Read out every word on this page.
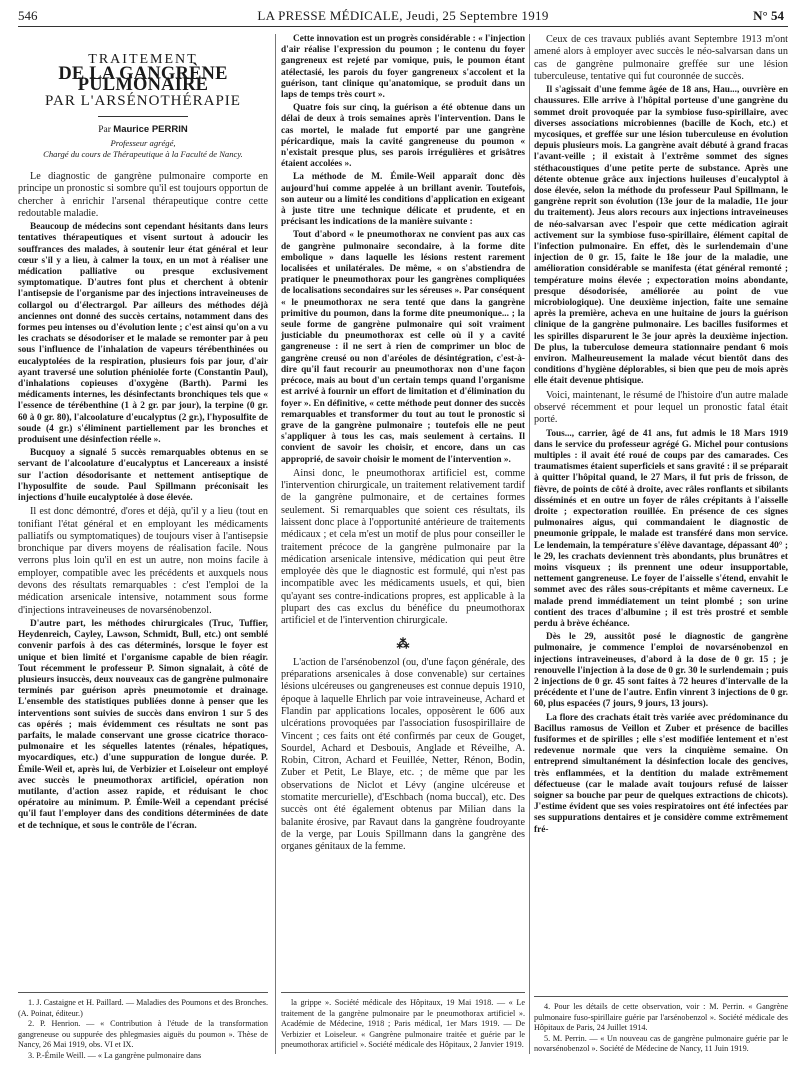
546	LA PRESSE MÉDICALE, Jeudi, 25 Septembre 1919	N° 54
TRAITEMENT
DE LA GANGRÈNE PULMONAIRE
PAR L'ARSÉNOTHÉRAPIE
Par Maurice PERRIN
Professeur agrégé,
Chargé du cours de Thérapeutique à la Faculté de Nancy.

Le diagnostic de gangrène pulmonaire comporte en principe un pronostic si sombre qu'il est toujours opportun de chercher à enrichir l'arsenal thérapeutique contre cette redoutable maladie.

Beaucoup de médecins sont cependant hésitants dans leurs tentatives thérapeutiques et visent surtout à adoucir les souffrances des malades, à soutenir leur état général et leur cœur s'il y a lieu, à calmer la toux, en un mot à réaliser une médication palliative ou presque exclusivement symptomatique. D'autres font plus et cherchent à obtenir l'antisepsie de l'organisme par des injections intraveineuses de collargol ou d'électrargol. Par ailleurs des méthodes déjà anciennes ont donné des succès certains, notamment dans des formes peu intenses ou d'évolution lente ; c'est ainsi qu'on a vu les crachats se désodoriser et le malade se remonter par à peu sous l'influence de l'inhalation de vapeurs térébenthinées ou eucalyptolées de la respiration, plusieurs fois par jour, d'air ayant traversé une solution phéniolée forte (Constantin Paul), d'inhalations copieuses d'oxygène (Barth). Parmi les médicaments internes, les désinfectants bronchiques tels que « l'essence de térébenthine (1 à 2 gr. par jour), la terpine (0 gr. 60 à 0 gr. 80), l'alcoolature d'eucalyptus (2 gr.), l'hyposulfite de soude (4 gr.) s'éliminent partiellement par les bronches et produisent une désinfection réelle ».

Bucquoy a signalé 5 succès remarquables obtenus en se servant de l'alcoolature d'eucalyptus et Lancereaux a insisté sur l'action désodorisante et nettement antiseptique de l'hyposulfite de soude. Paul Spillmann préconisait les injections d'huile eucalyptolée à dose élevée.

Il est donc démontré, d'ores et déjà, qu'il y a lieu (tout en tonifiant l'état général et en employant les médicaments palliatifs ou symptomatiques) de toujours viser à l'antisepsie bronchique par divers moyens de réalisation facile. Nous verrons plus loin qu'il en est un autre, non moins facile à employer, compatible avec les précédents et auxquels nous devons des résultats remarquables : c'est l'emploi de la médication arsenicale intensive, notamment sous forme d'injections intraveineuses de novarsénobenzol.

D'autre part, les méthodes chirurgicales (Truc, Tuffier, Heydenreich, Cayley, Lawson, Schmidt, Bull, etc.) ont semblé convenir parfois à des cas déterminés, lorsque le foyer est unique et bien limité et l'organisme capable de bien réagir. Tout récemment le professeur P. Simon signalait, à côté de plusieurs insuccès, deux nouveaux cas de gangrène pulmonaire terminés par guérison après pneumotomie et drainage. L'ensemble des statistiques publiées donne à penser que les interventions sont suivies de succès dans environ 1 sur 5 des cas opérés ; mais évidemment ces résultats ne sont pas parfaits, le malade conservant une grosse cicatrice thoraco-pulmonaire et les séquelles latentes (rénales, hépatiques, myocardiques, etc.) d'une suppuration de longue durée. P. Émile-Weil et, après lui, de Verbizier et Loiseleur ont employé avec succès le pneumothorax artificiel, opération non mutilante, d'action assez rapide, et réduisant le choc opératoire au minimum. P. Émile-Weil a cependant précisé qu'il faut l'employer dans des conditions déterminées de date et de technique, et sous le contrôle de l'écran.

Cette innovation est un progrès considérable : « l'injection d'air réalise l'expression du poumon ; le contenu du foyer gangreneux est rejeté par vomique, puis, le poumon étant atélectasié, les parois du foyer gangreneux s'accolent et la guérison, tant clinique qu'anatomique, se produit dans un laps de temps très court ».

Quatre fois sur cinq, la guérison a été obtenue dans un délai de deux à trois semaines après l'intervention. Dans le cas mortel, le malade fut emporté par une gangrène péricardique, mais la cavité gangreneuse du poumon « n'existait presque plus, ses parois irrégulières et grisâtres étaient accolées ».

La méthode de M. Émile-Weil apparaît donc dès aujourd'hui comme appelée à un brillant avenir. Toutefois, son auteur ou a limité les conditions d'application en exigeant à juste titre une technique délicate et prudente, et en précisant les indications de la manière suivante :

Tout d'abord « le pneumothorax ne convient pas aux cas de gangrène pulmonaire secondaire, à la forme dite embolique » dans laquelle les lésions restent rarement localisées et unilatérales. De même, « on s'abstiendra de pratiquer le pneumothorax pour les gangrènes compliquées de localisations secondaires sur les séreuses ». Par conséquent « le pneumothorax ne sera tenté que dans la gangrène primitive du poumon, dans la forme dite pneumonique... ; la seule forme de gangrène pulmonaire qui soit vraiment justiciable du pneumothorax est celle où il y a cavité gangreneuse : il ne sert à rien de comprimer un bloc de gangrène creusé ou non d'aréoles de désintégration, c'est-à-dire qu'il faut recourir au pneumothorax non d'une façon précoce, mais au bout d'un certain temps quand l'organisme est arrivé à fournir un effort de limitation et d'élimination du foyer ». En définitive, « cette méthode peut donner des succès remarquables et transformer du tout au tout le pronostic si grave de la gangrène pulmonaire ; toutefois elle ne peut s'appliquer à tous les cas, mais seulement à certains. Il convient de savoir les choisir, et encore, dans un cas approprié, de savoir choisir le moment de l'intervention ».

Ainsi donc, le pneumothorax artificiel est, comme l'intervention chirurgicale, un traitement relativement tardif de la gangrène pulmonaire, et de certaines formes seulement. Si remarquables que soient ces résultats, ils laissent donc place à l'opportunité antérieure de traitements médicaux ; et cela m'est un motif de plus pour conseiller le traitement précoce de la gangrène pulmonaire par la médication arsenicale intensive, médication qui peut être employée dès que le diagnostic est formulé, qui n'est pas incompatible avec les médicaments usuels, et qui, bien qu'ayant ses contre-indications propres, est applicable à la plupart des cas exclus du bénéfice du pneumothorax artificiel et de l'intervention chirurgicale.

⁂

L'action de l'arsénobenzol (ou, d'une façon générale, des préparations arsenicales à dose convenable) sur certaines lésions ulcéreuses ou gangreneuses est connue depuis 1910, époque à laquelle Ehrlich par voie intraveineuse, Achard et Flandin par applications locales, opposèrent le 606 aux ulcérations provoquées par l'association fusospirillaire de Vincent ; ces faits ont été confirmés par ceux de Gouget, Sourdel, Achard et Desbouis, Anglade et Réveilhe, A. Robin, Citron, Achard et Feuillée, Netter, Rénon, Bodin, Zuber et Petit, Le Blaye, etc. ; de même que par les observations de Niclot et Lévy (angine ulcéreuse et stomatite mercurielle), d'Eschbach (noma buccal), etc. Des succès ont été également obtenus par Milian dans la balanite érosive, par Ravaut dans la gangrène foudroyante de la verge, par Louis Spillmann dans la gangrène des organes génitaux de la femme.

Ceux de ces travaux publiés avant Septembre 1913 m'ont amené alors à employer avec succès le néo-salvarsan dans un cas de gangrène pulmonaire greffée sur une lésion tuberculeuse, tentative qui fut couronnée de succès.

Il s'agissait d'une femme âgée de 18 ans, Hau..., ouvrière en chaussures. Elle arrive à l'hôpital porteuse d'une gangrène du sommet droit provoquée par la symbiose fuso-spirillaire, avec diverses associations microbiennes (bacille de Koch, etc.) et mycosiques, et greffée sur une lésion tuberculeuse en évolution depuis plusieurs mois. La gangrène avait débuté à grand fracas l'avant-veille ; il existait à l'extrême sommet des signes stéthacoustiques d'une petite perte de substance. Après une détente obtenue grâce aux injections huileuses d'eucalyptol à dose élevée, selon la méthode du professeur Paul Spillmann, le gangrène reprit son évolution (13e jour de la maladie, 11e jour du traitement). Jeus alors recours aux injections intraveineuses de néo-salvarsan avec l'espoir que cette médication agirait activement sur la symbiose fuso-spirillaire, élément capital de l'infection pulmonaire. En effet, dès le surlendemain d'une injection de 0 gr. 15, faite le 18e jour de la maladie, une amélioration considérable se manifesta (état général remonté ; température moins élevée ; expectoration moins abondante, presque désodorisée, améliorée au point de vue microbiologique). Une deuxième injection, faite une semaine après la première, acheva en une huitaine de jours la guérison clinique de la gangrène pulmonaire. Les bacilles fusiformes et les spirilles disparurent le 3e jour après la deuxième injection. De plus, la tuberculose demeura stationnaire pendant 6 mois environ. Malheureusement la malade vécut bientôt dans des conditions d'hygiène déplorables, si bien que peu de mois après elle était devenue phtisique.

Voici, maintenant, le résumé de l'histoire d'un autre malade observé récemment et pour lequel un pronostic fatal était porté.

Tous..., carrier, âgé de 41 ans, fut admis le 18 Mars 1919 dans le service du professeur agrégé G. Michel pour contusions multiples : il avait été roué de coups par des camarades. Ces traumatismes étaient superficiels et sans gravité : il se préparait à quitter l'hôpital quand, le 27 Mars, il fut pris de frisson, de fièvre, de points de côté à droite, avec râles ronflants et sibilants disséminés et en outre un foyer de râles crépitants à l'aisselle droite ; expectoration rouillée. En présence de ces signes pulmonaires aigus, qui commandaient le diagnostic de pneumonie grippale, le malade est transféré dans mon service. Le lendemain, la température s'élève davantage, dépassant 40° ; le 29, les crachats deviennent très abondants, plus brunâtres et moins visqueux ; ils prennent une odeur insupportable, nettement gangreneuse. Le foyer de l'aisselle s'étend, envahit le sommet avec des râles sous-crépitants et même caverneux. Le malade prend immédiatement un teint plombé ; son urine contient des traces d'albumine ; il est très prostré et semble perdu à brève échéance.

Dès le 29, aussitôt posé le diagnostic de gangrène pulmonaire, je commence l'emploi de novarsénobenzol en injections intraveineuses, d'abord à la dose de 0 gr. 15 ; je renouvelle l'injection à la dose de 0 gr. 30 le surlendemain ; puis 2 injections de 0 gr. 45 sont faites à 72 heures d'intervalle de la précédente et l'une de l'autre. Enfin vinrent 3 injections de 0 gr. 60, plus espacées (7 jours, 9 jours, 13 jours).

La flore des crachats était très variée avec prédominance du Bacillus ramosus de Veillon et Zuber et présence de bacilles fusiformes et de spirilles ; elle s'est modifiée lentement et n'est redevenue normale que vers la cinquième semaine. On entreprend simultanément la désinfection locale des gencives, très enflammées, et la dentition du malade extrêmement défectueuse (car le malade avait toujours refusé de laisser soigner sa bouche par peur de quelques extractions de chicots). J'estime évident que ses voies respiratoires ont été infectées par ses suppurations dentaires et je considère comme extrêmement fré-

1. J. Castaigne et H. Paillard. — Maladies des Poumons et des Bronches. (A. Poinat, éditeur.)

2. P. Henrion. — « Contribution à l'étude de la transformation gangreneuse ou suppurée des phlegmasies aiguës du poumon ». Thèse de Nancy, 26 Mai 1919, obs. VI et IX.

3. P.-Émile Weill. — « La gangrène pulmonaire dans

la grippe ». Société médicale des Hôpitaux, 19 Mai 1918. — « Le traitement de la gangrène pulmonaire par le pneumothorax artificiel ». Académie de Médecine, 1918 ; Paris médical, 1er Mars 1919. — De Verbizier et Loiseleur. « Gangrène pulmonaire traitée et guérie par le pneumothorax artificiel ». Société médicale des Hôpitaux, 2 Janvier 1919.

4. Pour les détails de cette observation, voir : M. Perrin. « Gangrène pulmonaire fuso-spirillaire guérie par l'arsénobenzol ». Société médicale des Hôpitaux de Paris, 24 Juillet 1914.

5. M. Perrin. — « Un nouveau cas de gangrène pulmonaire guérie par le novarsénobenzol ». Société de Médecine de Nancy, 11 Juin 1919.
